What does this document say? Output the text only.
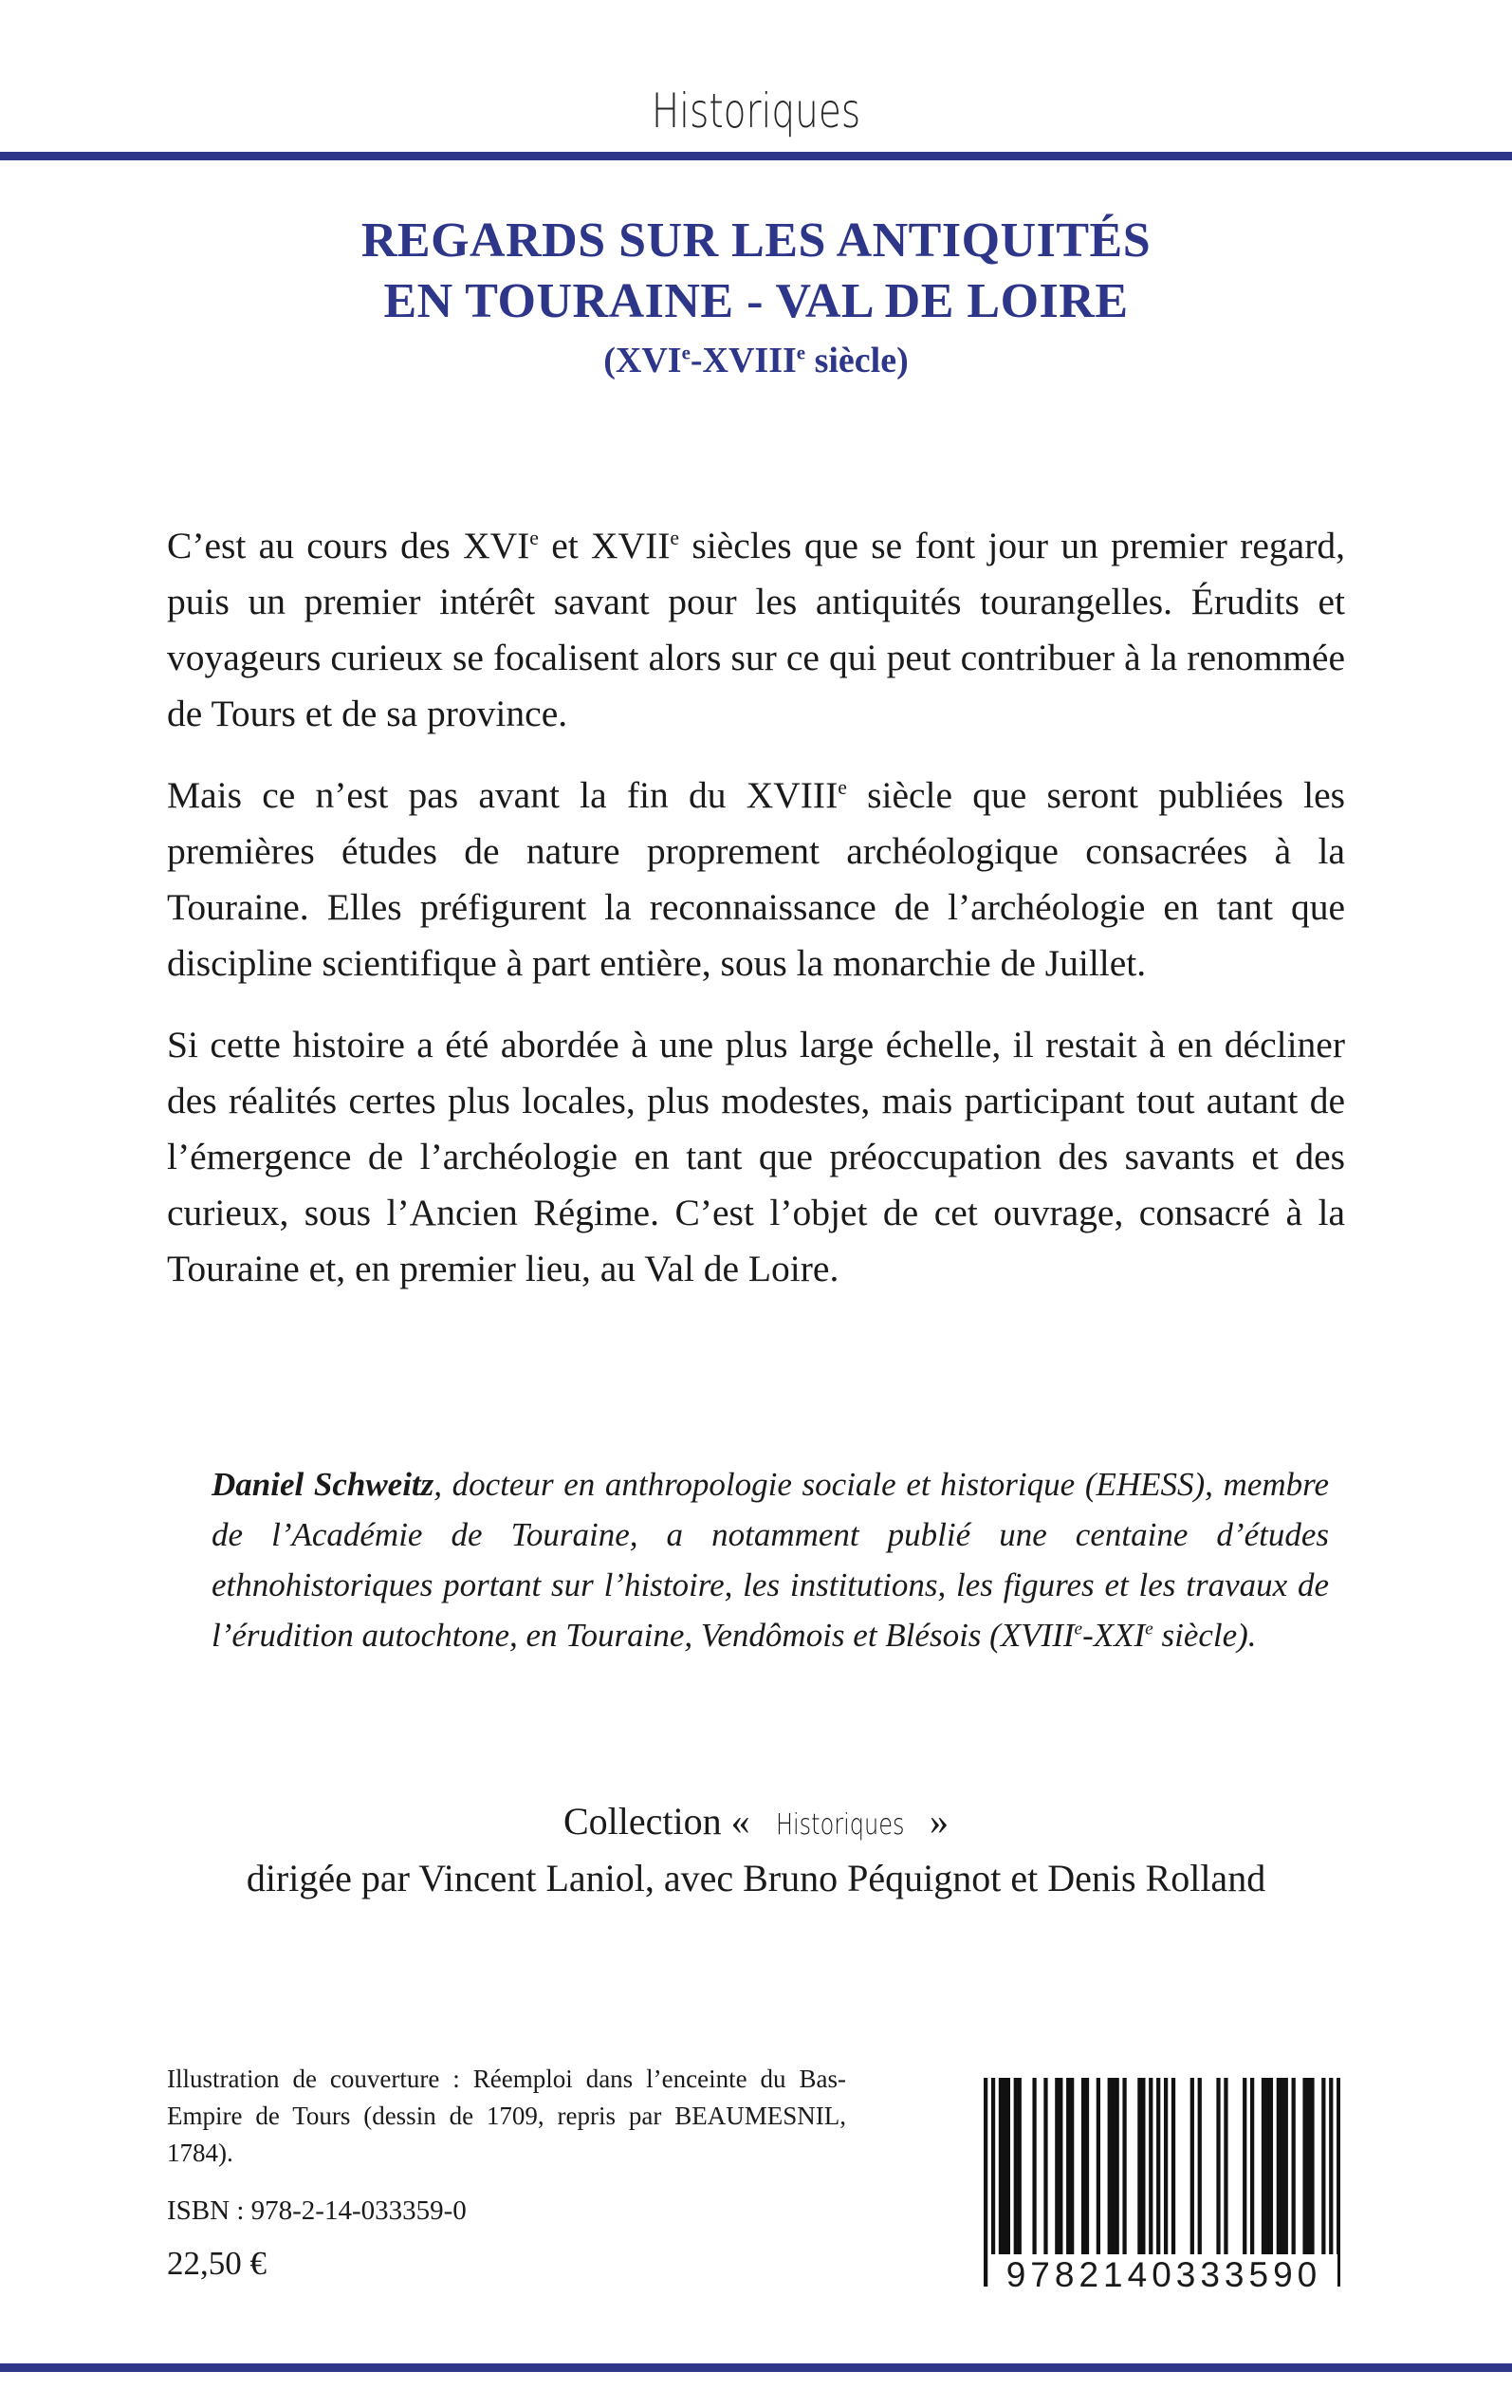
Historiques
REGARDS SUR LES ANTIQUITÉS
EN TOURAINE - VAL DE LOIRE
(XVIe-XVIIIe siècle)

C’est au cours des XVIe et XVIIe siècles que se font jour un premier regard, puis un premier intérêt savant pour les antiquités tourangelles. Érudits et voyageurs curieux se focalisent alors sur ce qui peut contribuer à la renommée de Tours et de sa province.

Mais ce n’est pas avant la fin du XVIIIe siècle que seront publiées les premières études de nature proprement archéologique consacrées à la Touraine. Elles préfigurent la reconnaissance de l’archéologie en tant que discipline scientifique à part entière, sous la monarchie de Juillet.

Si cette histoire a été abordée à une plus large échelle, il restait à en décliner des réalités certes plus locales, plus modestes, mais participant tout autant de l’émergence de l’archéologie en tant que préoccupation des savants et des curieux, sous l’Ancien Régime. C’est l’objet de cet ouvrage, consacré à la Touraine et, en premier lieu, au Val de Loire.

Daniel Schweitz, docteur en anthropologie sociale et historique (EHESS), membre de l’Académie de Touraine, a notamment publié une centaine d’études ethnohistoriques portant sur l’histoire, les institutions, les figures et les travaux de l’érudition autochtone, en Touraine, Vendômois et Blésois (XVIIIe-XXIe siècle).
Collection « Historiques »
dirigée par Vincent Laniol, avec Bruno Péquignot et Denis Rolland
Illustration de couverture : Réemploi dans l’enceinte du Bas-Empire de Tours (dessin de 1709, repris par BEAUMESNIL, 1784).
ISBN : 978-2-14-033359-0
22,50 €	9782140333590
